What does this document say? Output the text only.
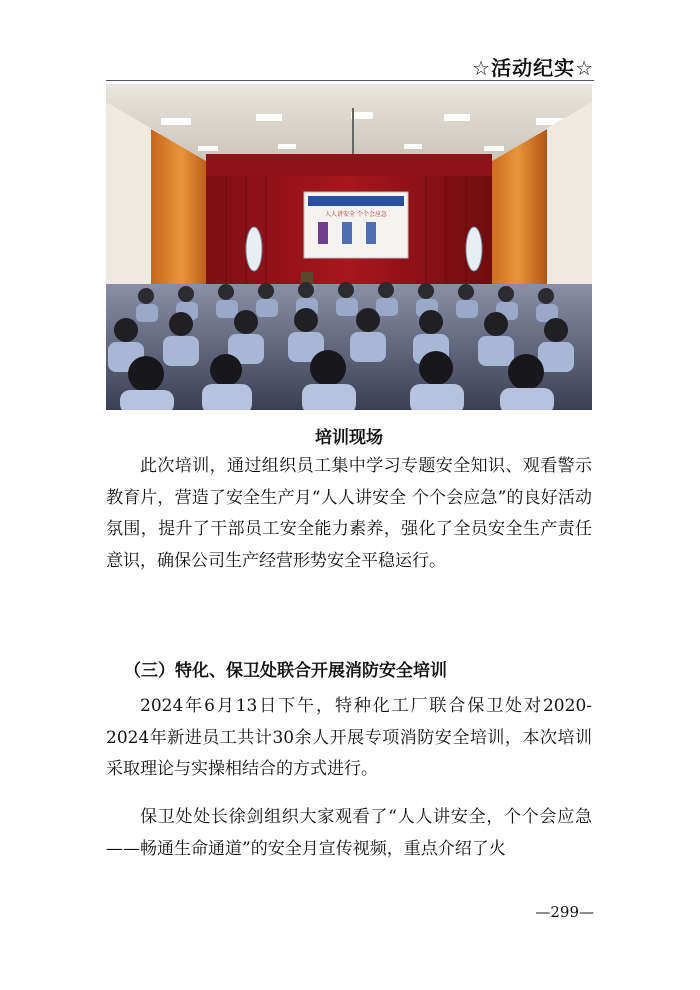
☆活动纪实☆
人人讲安全 个个会应急
培训现场

此次培训，通过组织员工集中学习专题安全知识、观看警示教育片，营造了安全生产月“人人讲安全 个个会应急”的良好活动氛围，提升了干部员工安全能力素养，强化了全员安全生产责任意识，确保公司生产经营形势安全平稳运行。

（三）特化、保卫处联合开展消防安全培训

2024年6月13日下午，特种化工厂联合保卫处对2020-2024年新进员工共计30余人开展专项消防安全培训，本次培训采取理论与实操相结合的方式进行。

保卫处处长徐剑组织大家观看了“人人讲安全，个个会应急——畅通生命通道”的安全月宣传视频，重点介绍了火

—299—
